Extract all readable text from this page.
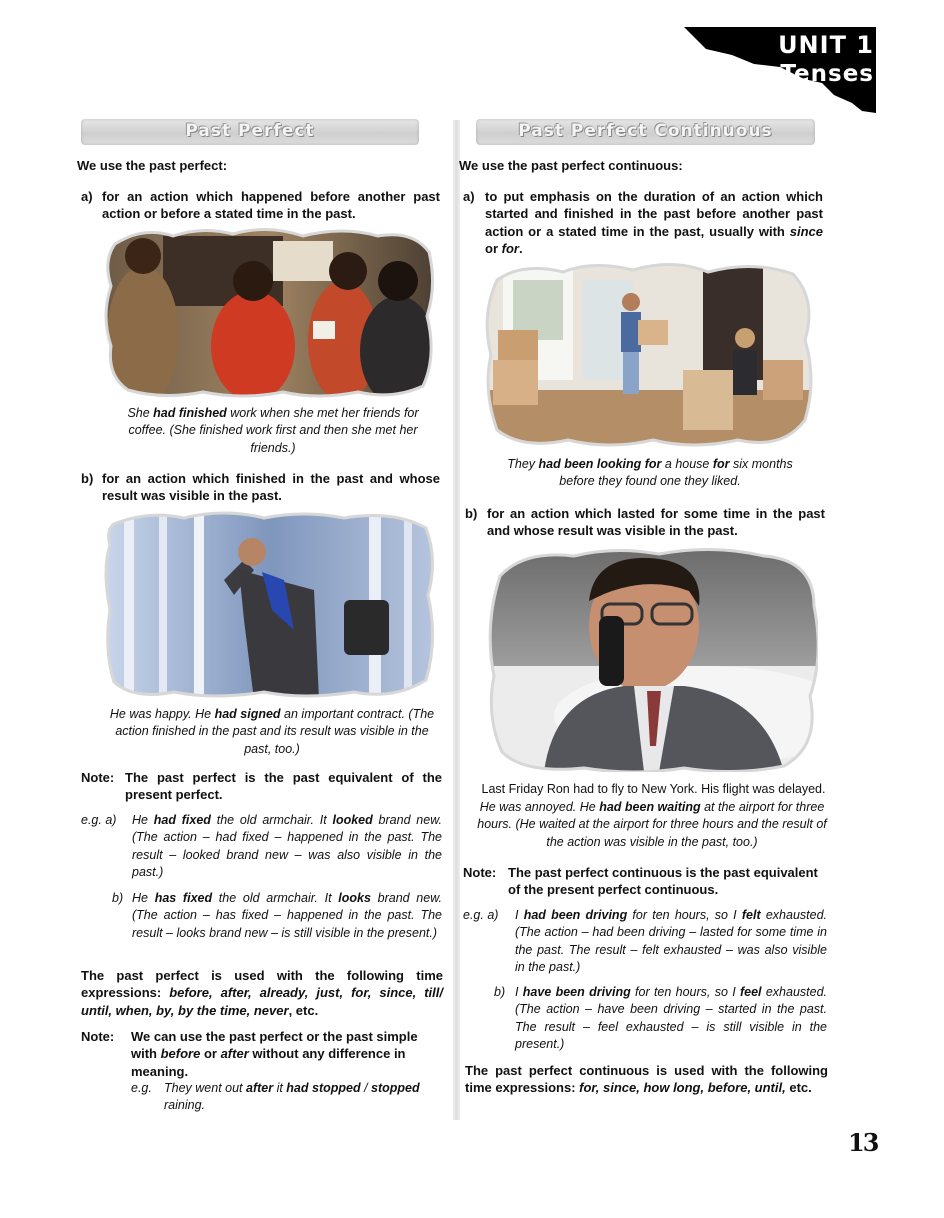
UNIT 1
Tenses
Past Perfect
We use the past perfect:
a) for an action which happened before another past action or before a stated time in the past.
She had finished work when she met her friends for coffee. (She finished work first and then she met her friends.)
b) for an action which finished in the past and whose result was visible in the past.
He was happy. He had signed an important contract. (The action finished in the past and its result was visible in the past, too.)
Note: The past perfect is the past equivalent of the present perfect.
e.g. a) He had fixed the old armchair. It looked brand new. (The action – had fixed – happened in the past. The result – looked brand new – was also visible in the past.)
b) He has fixed the old armchair. It looks brand new. (The action – has fixed – happened in the past. The result – looks brand new – is still visible in the present.)
The past perfect is used with the following time expressions: before, after, already, just, for, since, till/ until, when, by, by the time, never, etc.
Note: We can use the past perfect or the past simple with before or after without any difference in meaning.
e.g. They went out after it had stopped / stopped raining.
Past Perfect Continuous
We use the past perfect continuous:
a) to put emphasis on the duration of an action which started and finished in the past before another past action or a stated time in the past, usually with since or for.
They had been looking for a house for six months before they found one they liked.
b) for an action which lasted for some time in the past and whose result was visible in the past.
Last Friday Ron had to fly to New York. His flight was delayed.
He was annoyed. He had been waiting at the airport for three hours. (He waited at the airport for three hours and the result of the action was visible in the past, too.)
Note: The past perfect continuous is the past equivalent of the present perfect continuous.
e.g. a) I had been driving for ten hours, so I felt exhausted. (The action – had been driving – lasted for some time in the past. The result – felt exhausted – was also visible in the past.)
b) I have been driving for ten hours, so I feel exhausted. (The action – have been driving – started in the past. The result – feel exhausted – is still visible in the present.)
The past perfect continuous is used with the following time expressions: for, since, how long, before, until, etc.
13
